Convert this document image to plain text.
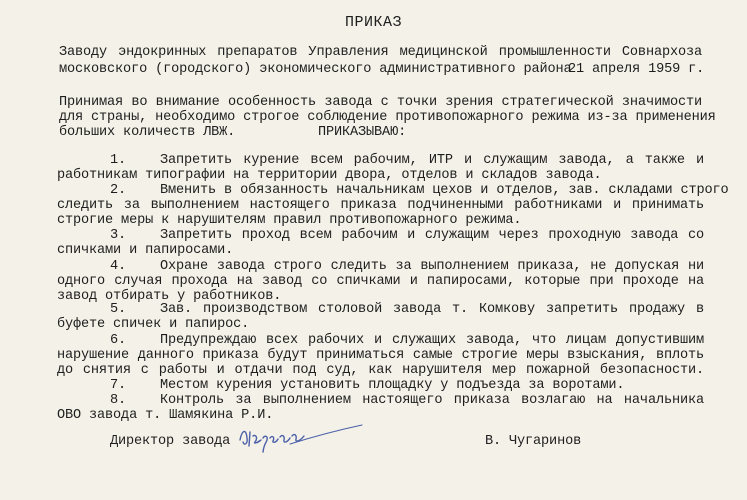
ПРИКАЗ
Заводу эндокринных препаратов Управления медицинской промышленности Совнархоза
московского (городского) экономического административного района
21 апреля 1959 г.
Принимая во внимание особенность завода с точки зрения стратегической значимости
для страны, необходимо строгое соблюдение противопожарного режима из-за применения
больших количеств ЛВЖ.	ПРИКАЗЫВАЮ:
1. Запретить курение всем рабочим, ИТР и служащим завода, а также и
работникам типографии на территории двора, отделов и складов завода.
2. Вменить в обязанность начальникам цехов и отделов, зав. складами строго
следить за выполнением настоящего приказа подчиненными работниками и принимать
строгие меры к нарушителям правил противопожарного режима.
3. Запретить проход всем рабочим и служащим через проходную завода со
спичками и папиросами.
4. Охране завода строго следить за выполнением приказа, не допуская ни
одного случая прохода на завод со спичками и папиросами, которые при проходе на
завод отбирать у работников.
5. Зав. производством столовой завода т. Комкову запретить продажу в
буфете спичек и папирос.
6. Предупреждаю всех рабочих и служащих завода, что лицам допустившим
нарушение данного приказа будут приниматься самые строгие меры взыскания, вплоть
до снятия с работы и отдачи под суд, как нарушителя мер пожарной безопасности.
7. Местом курения установить площадку у подъезда за воротами.
8. Контроль за выполнением настоящего приказа возлагаю на начальника
ОВО завода т. Шамякина Р.И.
Директор завода	В. Чугаринов
